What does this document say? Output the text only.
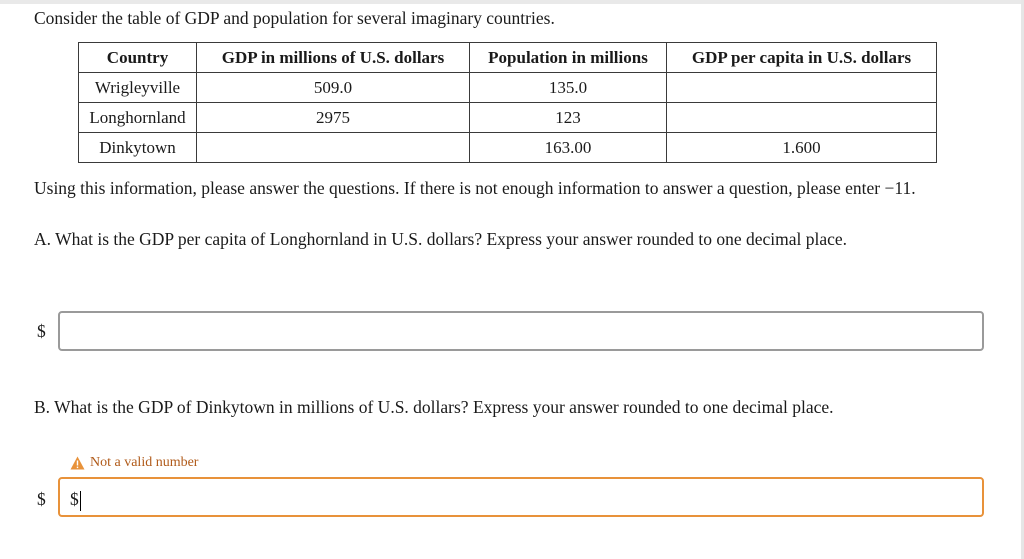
Consider the table of GDP and population for several imaginary countries.
Country	GDP in millions of U.S. dollars	Population in millions	GDP per capita in U.S. dollars
Wrigleyville	509.0	135.0	
Longhornland	2975	123	
Dinkytown		163.00	1.600
Using this information, please answer the questions. If there is not enough information to answer a question, please enter −11.
A. What is the GDP per capita of Longhornland in U.S. dollars? Express your answer rounded to one decimal place.
$
B. What is the GDP of Dinkytown in millions of U.S. dollars? Express your answer rounded to one decimal place.
Not a valid number
$ $
